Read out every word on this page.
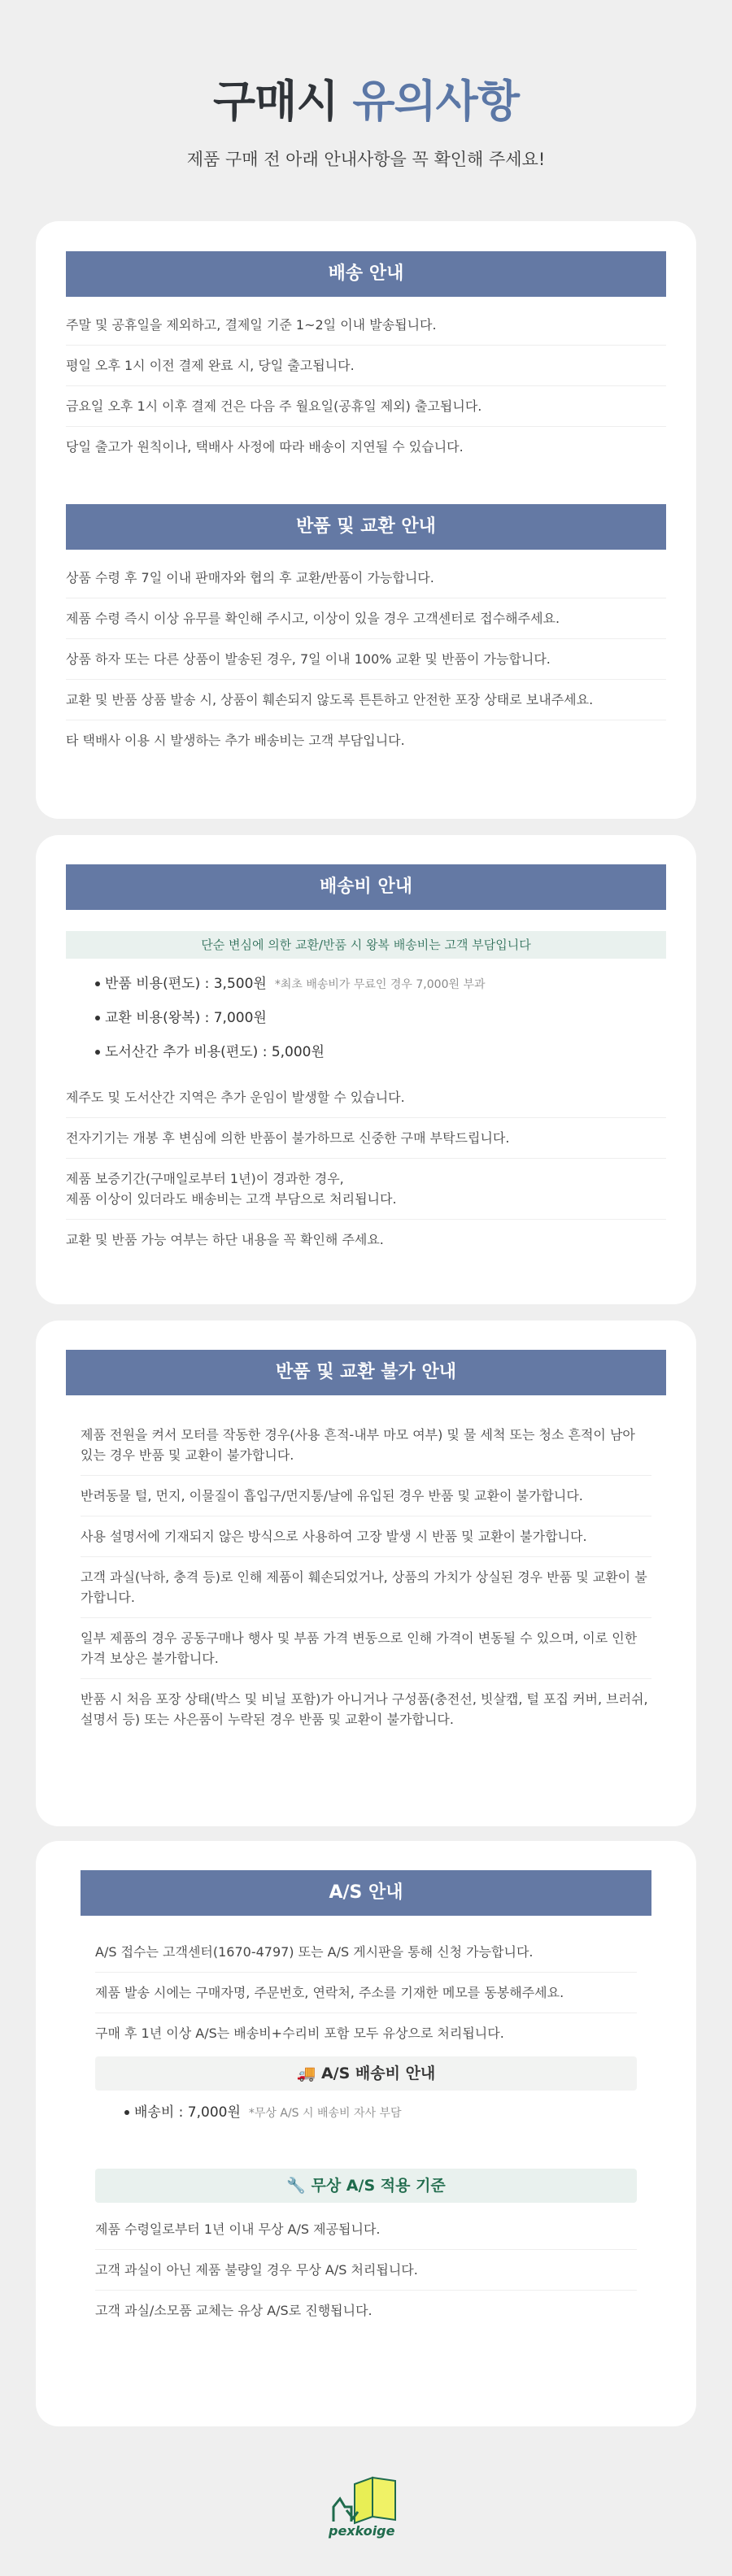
구매시 유의사항
제품 구매 전 아래 안내사항을 꼭 확인해 주세요!
배송 안내
주말 및 공휴일을 제외하고, 결제일 기준 1~2일 이내 발송됩니다.
평일 오후 1시 이전 결제 완료 시, 당일 출고됩니다.
금요일 오후 1시 이후 결제 건은 다음 주 월요일(공휴일 제외) 출고됩니다.
당일 출고가 원칙이나, 택배사 사정에 따라 배송이 지연될 수 있습니다.
반품 및 교환 안내
상품 수령 후 7일 이내 판매자와 협의 후 교환/반품이 가능합니다.
제품 수령 즉시 이상 유무를 확인해 주시고, 이상이 있을 경우 고객센터로 접수해주세요.
상품 하자 또는 다른 상품이 발송된 경우, 7일 이내 100% 교환 및 반품이 가능합니다.
교환 및 반품 상품 발송 시, 상품이 훼손되지 않도록 튼튼하고 안전한 포장 상태로 보내주세요.
타 택배사 이용 시 발생하는 추가 배송비는 고객 부담입니다.
배송비 안내
단순 변심에 의한 교환/반품 시 왕복 배송비는 고객 부담입니다
반품 비용(편도) : 3,500원 *최초 배송비가 무료인 경우 7,000원 부과
교환 비용(왕복) : 7,000원
도서산간 추가 비용(편도) : 5,000원
제주도 및 도서산간 지역은 추가 운임이 발생할 수 있습니다.
전자기기는 개봉 후 변심에 의한 반품이 불가하므로 신중한 구매 부탁드립니다.
제품 보증기간(구매일로부터 1년)이 경과한 경우,
제품 이상이 있더라도 배송비는 고객 부담으로 처리됩니다.
교환 및 반품 가능 여부는 하단 내용을 꼭 확인해 주세요.
반품 및 교환 불가 안내
제품 전원을 켜서 모터를 작동한 경우(사용 흔적-내부 마모 여부) 및 물 세척 또는 청소 흔적이 남아 있는 경우 반품 및 교환이 불가합니다.
반려동물 털, 먼지, 이물질이 흡입구/먼지통/날에 유입된 경우 반품 및 교환이 불가합니다.
사용 설명서에 기재되지 않은 방식으로 사용하여 고장 발생 시 반품 및 교환이 불가합니다.
고객 과실(낙하, 충격 등)로 인해 제품이 훼손되었거나, 상품의 가치가 상실된 경우 반품 및 교환이 불가합니다.
일부 제품의 경우 공동구매나 행사 및 부품 가격 변동으로 인해 가격이 변동될 수 있으며, 이로 인한 가격 보상은 불가합니다.
반품 시 처음 포장 상태(박스 및 비닐 포함)가 아니거나 구성품(충전선, 빗살캡, 털 포집 커버, 브러쉬, 설명서 등) 또는 사은품이 누락된 경우 반품 및 교환이 불가합니다.
A/S 안내
A/S 접수는 고객센터(1670-4797) 또는 A/S 게시판을 통해 신청 가능합니다.
제품 발송 시에는 구매자명, 주문번호, 연락처, 주소를 기재한 메모를 동봉해주세요.
구매 후 1년 이상 A/S는 배송비+수리비 포함 모두 유상으로 처리됩니다.
🚚 A/S 배송비 안내
배송비 : 7,000원 *무상 A/S 시 배송비 자사 부담
🔧 무상 A/S 적용 기준
제품 수령일로부터 1년 이내 무상 A/S 제공됩니다.
고객 과실이 아닌 제품 불량일 경우 무상 A/S 처리됩니다.
고객 과실/소모품 교체는 유상 A/S로 진행됩니다.
pexkoige
